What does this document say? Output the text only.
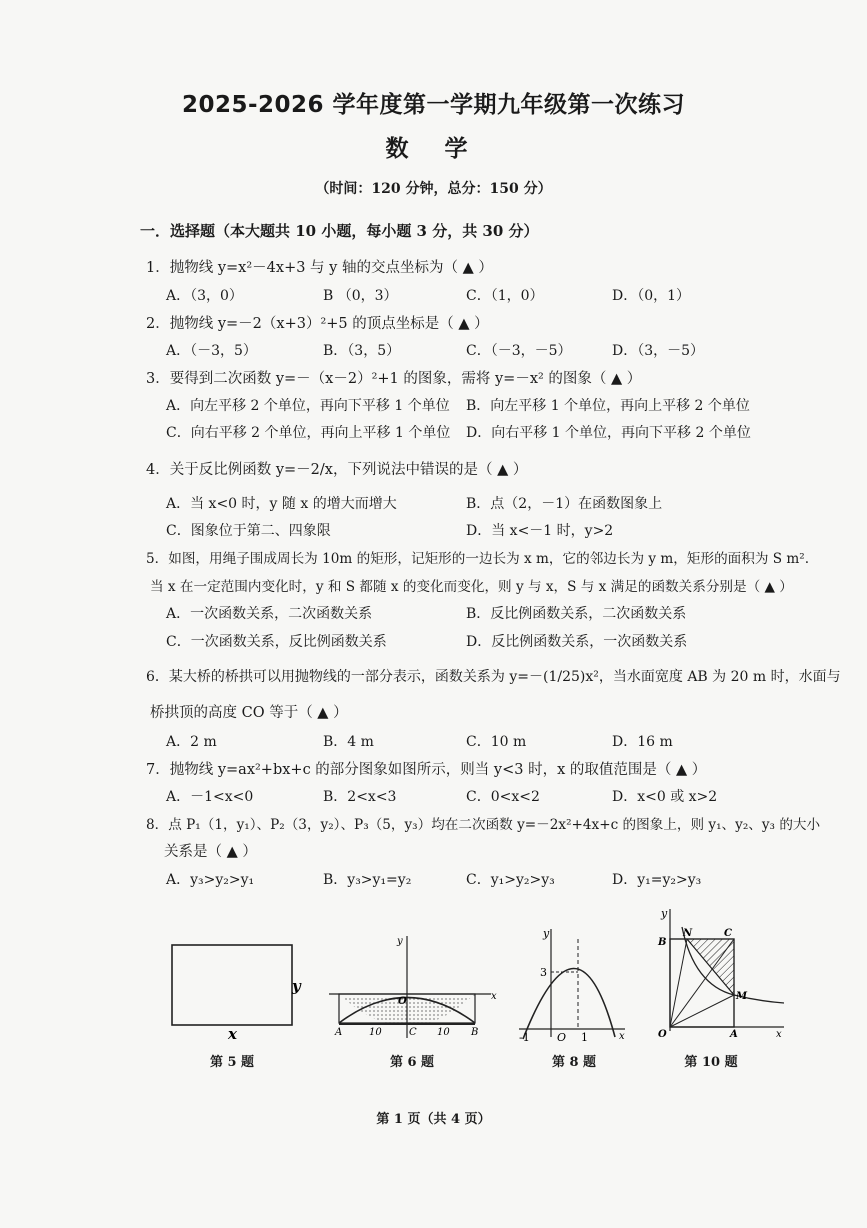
2025-2026 学年度第一学期九年级第一次练习
数 学
（时间：120 分钟，总分：150 分）
一．选择题（本大题共 10 小题，每小题 3 分，共 30 分）
1．抛物线 y=x²－4x+3 与 y 轴的交点坐标为（ ▲ ）
A．（3，0）	B （0，3）	C．（1，0）	D．（0，1）
2．抛物线 y=－2（x+3）²+5 的顶点坐标是（ ▲ ）
A．（－3，5）	B．（3，5）	C．（－3，－5）	D．（3，－5）
3．要得到二次函数 y=－（x－2）²+1 的图象，需将 y=－x² 的图象（ ▲ ）
A．向左平移 2 个单位，再向下平移 1 个单位 B．向左平移 1 个单位，再向上平移 2 个单位
C．向右平移 2 个单位，再向上平移 1 个单位 D．向右平移 1 个单位，再向下平移 2 个单位
4．关于反比例函数 y=－2/x，下列说法中错误的是（ ▲ ）
A．当 x<0 时，y 随 x 的增大而增大	B．点（2，－1）在函数图象上
C．图象位于第二、四象限	D．当 x<－1 时，y>2
5．如图，用绳子围成周长为 10m 的矩形，记矩形的一边长为 x m，它的邻边长为 y m，矩形的面积为 S m².
当 x 在一定范围内变化时，y 和 S 都随 x 的变化而变化，则 y 与 x，S 与 x 满足的函数关系分别是（ ▲ ）
A．一次函数关系，二次函数关系	B．反比例函数关系，二次函数关系
C．一次函数关系，反比例函数关系	D．反比例函数关系，一次函数关系
6．某大桥的桥拱可以用抛物线的一部分表示，函数关系为 y=－(1/25)x²，当水面宽度 AB 为 20 m 时，水面与
桥拱顶的高度 CO 等于（ ▲ ）
A．2 m	B．4 m	C．10 m	D．16 m
7．抛物线 y=ax²+bx+c 的部分图象如图所示，则当 y<3 时，x 的取值范围是（ ▲ ）
A．－1<x<0	B．2<x<3	C．0<x<2	D．x<0 或 x>2
8．点 P₁（1，y₁）、P₂（3，y₂）、P₃（5，y₃）均在二次函数 y=－2x²+4x+c 的图象上，则 y₁、y₂、y₃ 的大小
关系是（ ▲ ）
A．y₃>y₂>y₁	B．y₃>y₁=y₂	C．y₁>y₂>y₃	D．y₁=y₂>y₃
y
x
第 5 题
y
x
O
A	B
C
10	10
第 6 题
y
x
3
-1 O 1
第 8 题
y
x
B
N	C
M
O	A
第 10 题
第 1 页（共 4 页）
